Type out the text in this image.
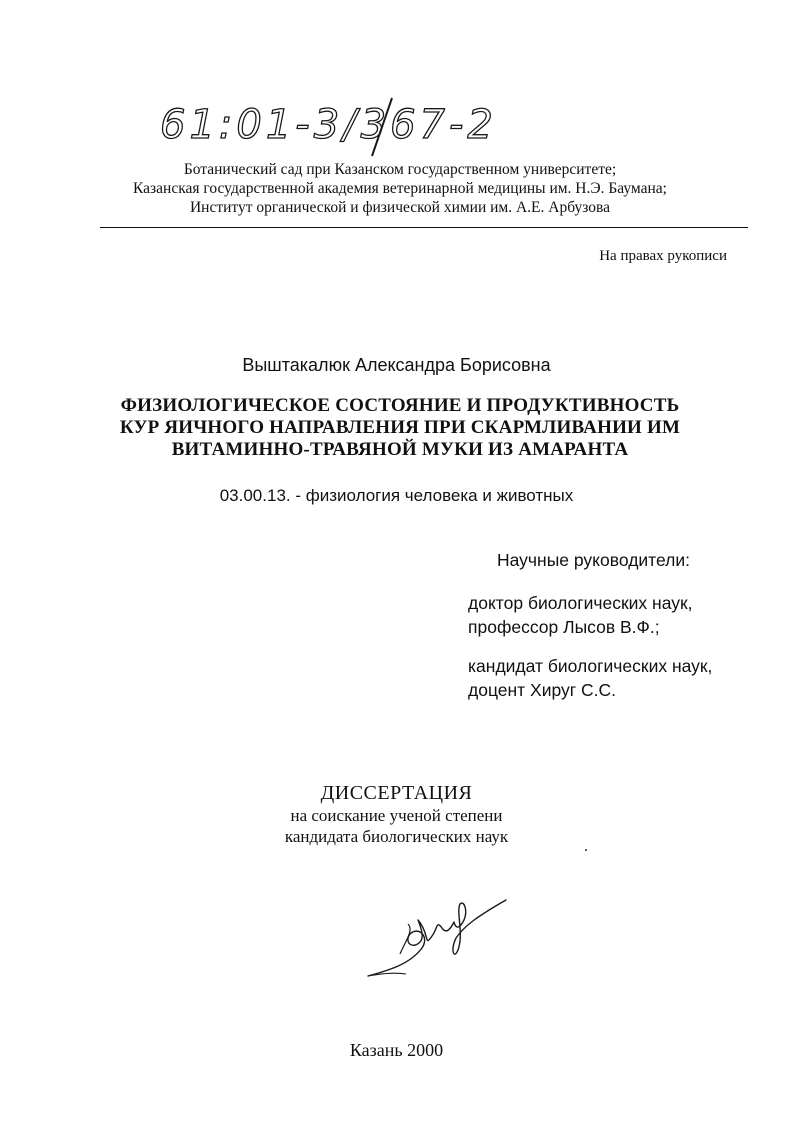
61:01-3/367-2
Ботанический сад при Казанском государственном университете;
Казанская государственной академия ветеринарной медицины им. Н.Э. Баумана;
Институт органической и физической химии им. А.Е. Арбузова
На правах рукописи
Выштакалюк Александра Борисовна
ФИЗИОЛОГИЧЕСКОЕ СОСТОЯНИЕ И ПРОДУКТИВНОСТЬ
КУР ЯИЧНОГО НАПРАВЛЕНИЯ ПРИ СКАРМЛИВАНИИ ИМ
ВИТАМИННО-ТРАВЯНОЙ МУКИ ИЗ АМАРАНТА
03.00.13. - физиология человека и животных
Научные руководители:
доктор биологических наук,
профессор Лысов В.Ф.;
кандидат биологических наук,
доцент Хируг С.С.
ДИССЕРТАЦИЯ
на соискание ученой степени
кандидата биологических наук
Казань 2000
